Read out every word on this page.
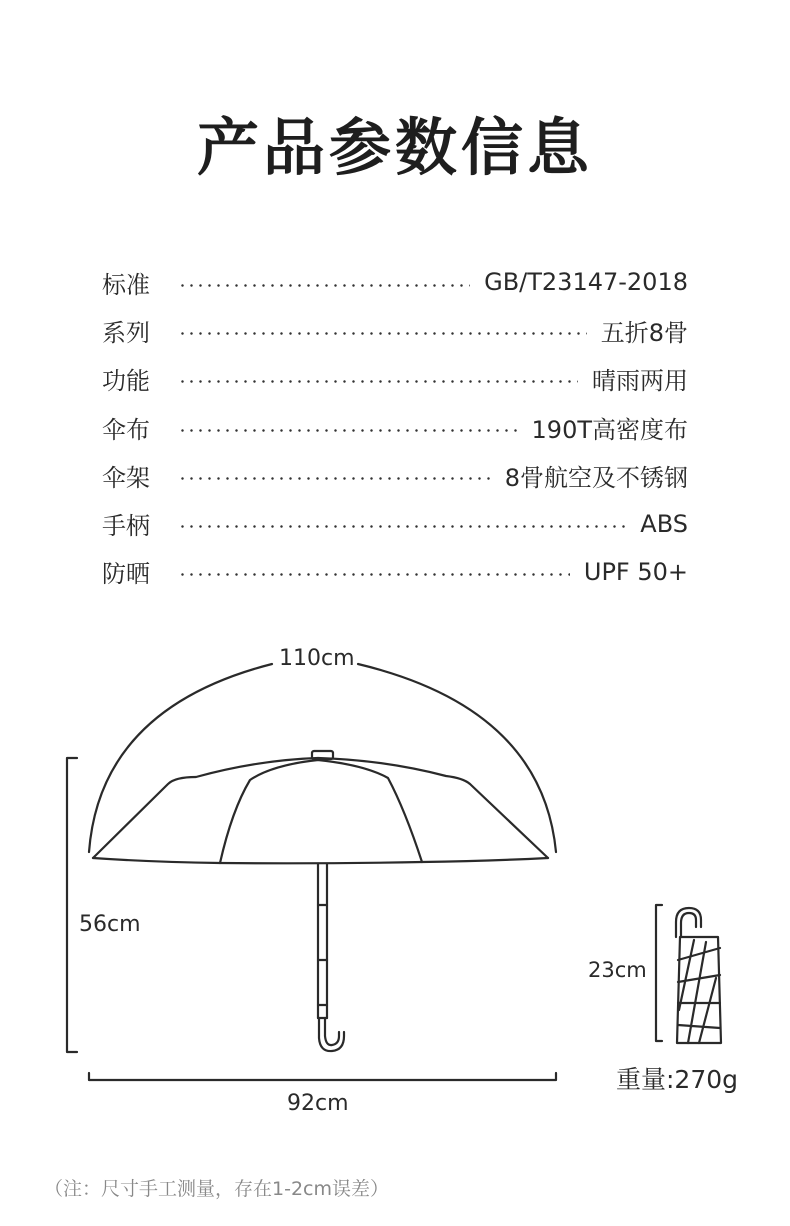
产品参数信息
标准	GB/T23147-2018
系列	五折8骨
功能	晴雨两用
伞布	190T高密度布
伞架	8骨航空及不锈钢
手柄	ABS
防晒	UPF 50+
110cm
56cm
92cm
23cm
重量:270g
（注：尺寸手工测量，存在1-2cm误差）
